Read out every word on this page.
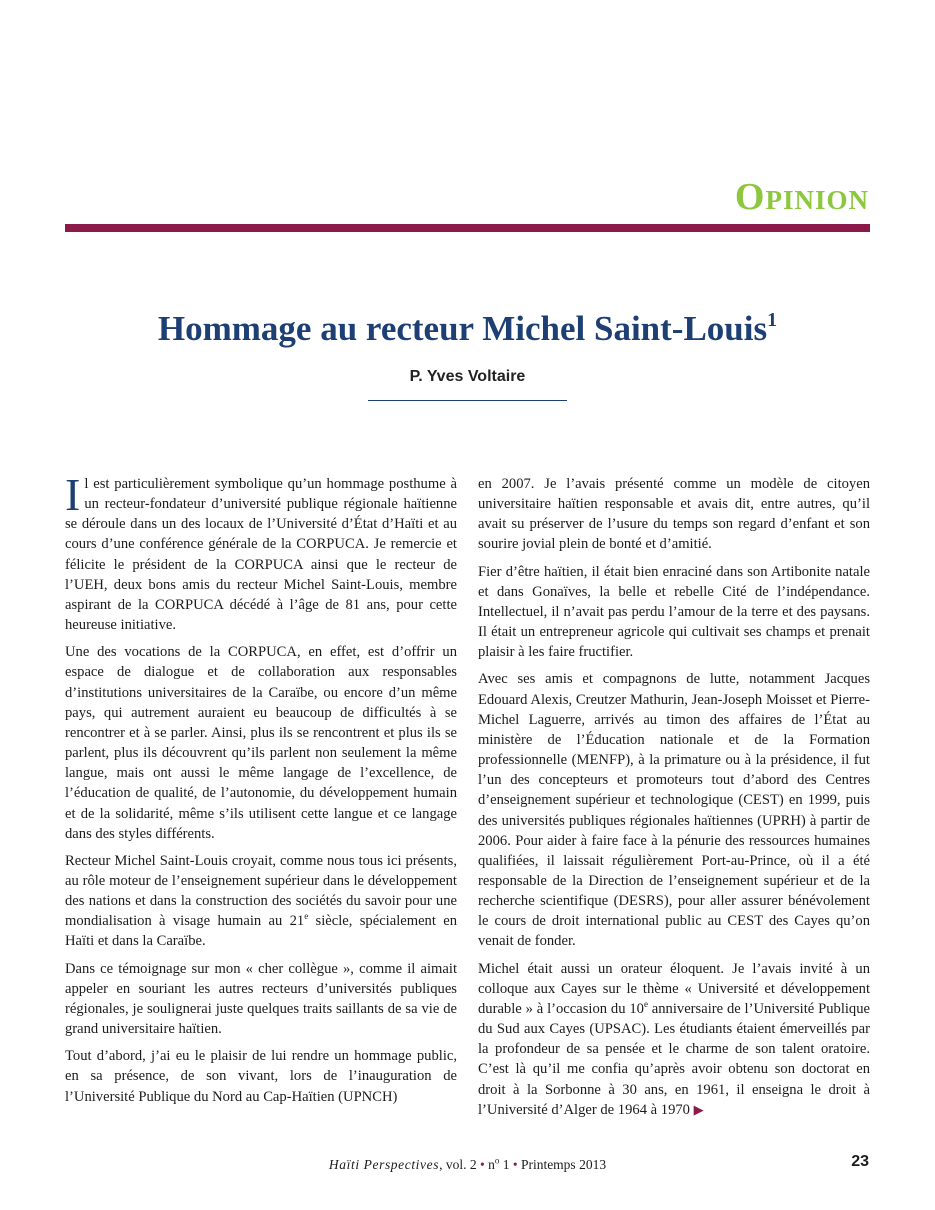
Opinion
Hommage au recteur Michel Saint-Louis$^1$

P. Yves Voltaire

Il est particulièrement symbolique qu’un hommage posthume à un recteur-fondateur d’université publique régionale haïtienne se déroule dans un des locaux de l’Université d’État d’Haïti et au cours d’une conférence générale de la CORPUCA. Je remercie et félicite le président de la CORPUCA ainsi que le recteur de l’UEH, deux bons amis du recteur Michel Saint-Louis, membre aspirant de la CORPUCA décédé à l’âge de 81 ans, pour cette heureuse initiative.

Une des vocations de la CORPUCA, en effet, est d’offrir un espace de dialogue et de collaboration aux responsables d’institutions universitaires de la Caraïbe, ou encore d’un même pays, qui autrement auraient eu beaucoup de difficultés à se rencontrer et à se parler. Ainsi, plus ils se rencontrent et plus ils se parlent, plus ils découvrent qu’ils parlent non seulement la même langue, mais ont aussi le même langage de l’excellence, de l’éducation de qualité, de l’autonomie, du développement humain et de la solidarité, même s’ils utilisent cette langue et ce langage dans des styles différents.

Recteur Michel Saint-Louis croyait, comme nous tous ici présents, au rôle moteur de l’enseignement supérieur dans le développement des nations et dans la construction des sociétés du savoir pour une mondialisation à visage humain au 21e siècle, spécialement en Haïti et dans la Caraïbe.

Dans ce témoignage sur mon « cher collègue », comme il aimait appeler en souriant les autres recteurs d’universités publiques régionales, je soulignerai juste quelques traits saillants de sa vie de grand universitaire haïtien.

Tout d’abord, j’ai eu le plaisir de lui rendre un hommage public, en sa présence, de son vivant, lors de l’inauguration de l’Université Publique du Nord au Cap-Haïtien (UPNCH)

en 2007. Je l’avais présenté comme un modèle de citoyen universitaire haïtien responsable et avais dit, entre autres, qu’il avait su préserver de l’usure du temps son regard d’enfant et son sourire jovial plein de bonté et d’amitié.

Fier d’être haïtien, il était bien enraciné dans son Artibonite natale et dans Gonaïves, la belle et rebelle Cité de l’indépendance. Intellectuel, il n’avait pas perdu l’amour de la terre et des paysans. Il était un entrepreneur agricole qui cultivait ses champs et prenait plaisir à les faire fructifier.

Avec ses amis et compagnons de lutte, notamment Jacques Edouard Alexis, Creutzer Mathurin, Jean-Joseph Moisset et Pierre-Michel Laguerre, arrivés au timon des affaires de l’État au ministère de l’Éducation nationale et de la Formation professionnelle (MENFP), à la primature ou à la présidence, il fut l’un des concepteurs et promoteurs tout d’abord des Centres d’enseignement supérieur et technologique (CEST) en 1999, puis des universités publiques régionales haïtiennes (UPRH) à partir de 2006. Pour aider à faire face à la pénurie des ressources humaines qualifiées, il laissait régulièrement Port-au-Prince, où il a été responsable de la Direction de l’enseignement supérieur et de la recherche scientifique (DESRS), pour aller assurer bénévolement le cours de droit international public au CEST des Cayes qu’on venait de fonder.

Michel était aussi un orateur éloquent. Je l’avais invité à un colloque aux Cayes sur le thème « Université et développement durable » à l’occasion du 10e anniversaire de l’Université Publique du Sud aux Cayes (UPSAC). Les étudiants étaient émerveillés par la profondeur de sa pensée et le charme de son talent oratoire. C’est là qu’il me confia qu’après avoir obtenu son doctorat en droit à la Sorbonne à 30 ans, en 1961, il enseigna le droit à l’Université d’Alger de 1964 à 1970 ▶

Haïti Perspectives, vol. 2 • $n^o$ 1 • Printemps 2013	23
